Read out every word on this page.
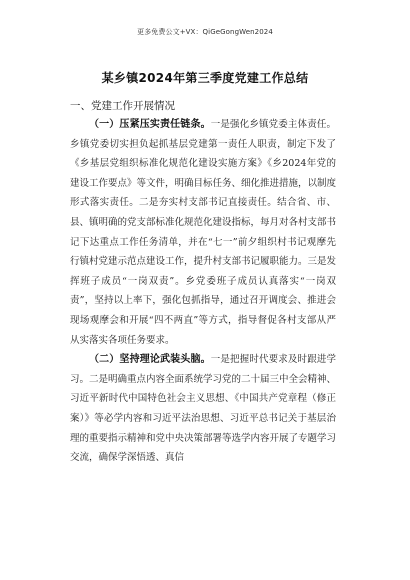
更多免费公文+VX：QiGeGongWen2024
某乡镇2024年第三季度党建工作总结
一、党建工作开展情况

（一）压紧压实责任链条。一是强化乡镇党委主体责任。乡镇党委切实担负起抓基层党建第一责任人职责，制定下发了《乡基层党组织标准化规范化建设实施方案》《乡2024年党的建设工作要点》等文件，明确目标任务、细化推进措施，以制度形式落实责任。二是夯实村支部书记直接责任。结合省、市、县、镇明确的党支部标准化规范化建设指标，每月对各村支部书记下达重点工作任务清单，并在“七一”前夕组织村书记观摩先行镇村党建示范点建设工作，提升村支部书记履职能力。三是发挥班子成员“一岗双责”。乡党委班子成员认真落实“一岗双责”，坚持以上率下，强化包抓指导，通过召开调度会、推进会现场观摩会和开展“四不两直”等方式，指导督促各村支部从严从实落实各项任务要求。

（二）坚持理论武装头脑。一是把握时代要求及时跟进学习。二是明确重点内容全面系统学习党的二十届三中全会精神、习近平新时代中国特色社会主义思想、《中国共产党章程（修正案）》等必学内容和习近平法治思想、习近平总书记关于基层治理的重要指示精神和党中央决策部署等选学内容开展了专题学习交流，确保学深悟透、真信
